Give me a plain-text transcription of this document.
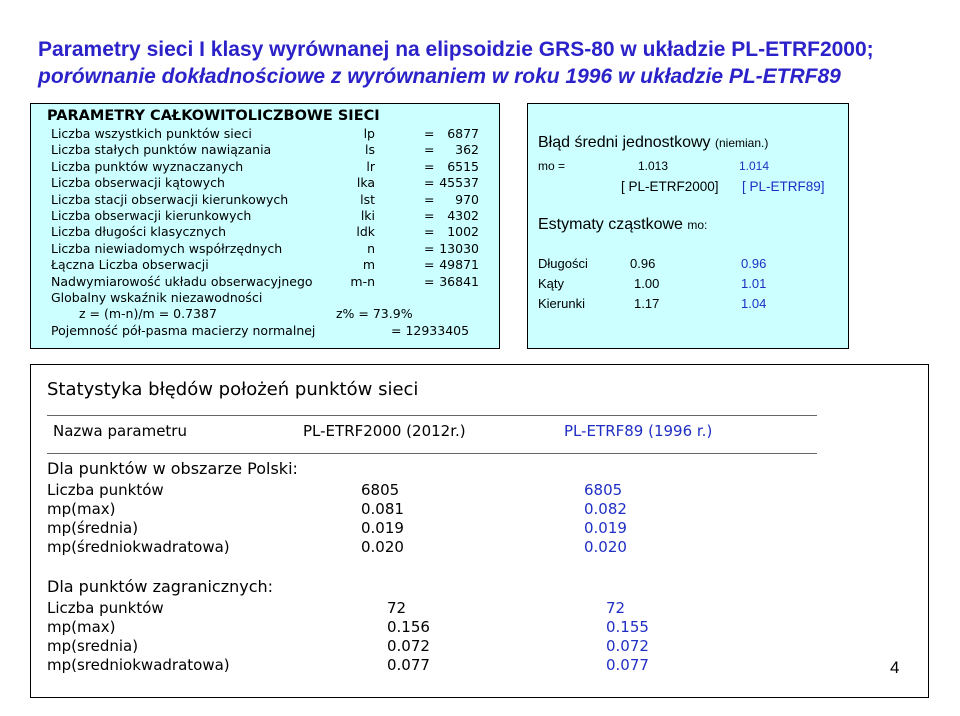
Parametry sieci I klasy wyrównanej na elipsoidzie GRS-80 w układzie PL-ETRF2000;
porównanie dokładnościowe z wyrównaniem w roku 1996 w układzie PL-ETRF89
PARAMETRY CAŁKOWITOLICZBOWE SIECI
Liczba wszystkich punktów sieci	lp	= 6877
Liczba stałych punktów nawiązania	ls	= 362
Liczba punktów wyznaczanych	lr	= 6515
Liczba obserwacji kątowych	lka	= 45537
Liczba stacji obserwacji kierunkowych	lst	= 970
Liczba obserwacji kierunkowych	lki	= 4302
Liczba długości klasycznych	ldk	= 1002
Liczba niewiadomych współrzędnych	n	= 13030
Łączna Liczba obserwacji	m	= 49871
Nadwymiarowość układu obserwacyjnego	m-n	= 36841
Globalny wskaźnik niezawodności
z = (m-n)/m = 0.7387	z% = 73.9%
Pojemność pół-pasma macierzy normalnej	= 12933405
Błąd średni jednostkowy (niemian.)
mo =	1.013	1.014
[ PL-ETRF2000] [ PL-ETRF89]
Estymaty cząstkowe mo:
Długości	0.96	0.96
Kąty	1.00	1.01
Kierunki	1.17	1.04
Statystyka błędów położeń punktów sieci
Nazwa parametru	PL-ETRF2000 (2012r.)	PL-ETRF89 (1996 r.)
Dla punktów w obszarze Polski:
Liczba punktów	6805	6805
mp(max)	0.081	0.082
mp(średnia)	0.019	0.019
mp(średniokwadratowa)	0.020	0.020
Dla punktów zagranicznych:
Liczba punktów	72	72
mp(max)	0.156	0.155
mp(srednia)	0.072	0.072
mp(sredniokwadratowa)	0.077	0.077	4
